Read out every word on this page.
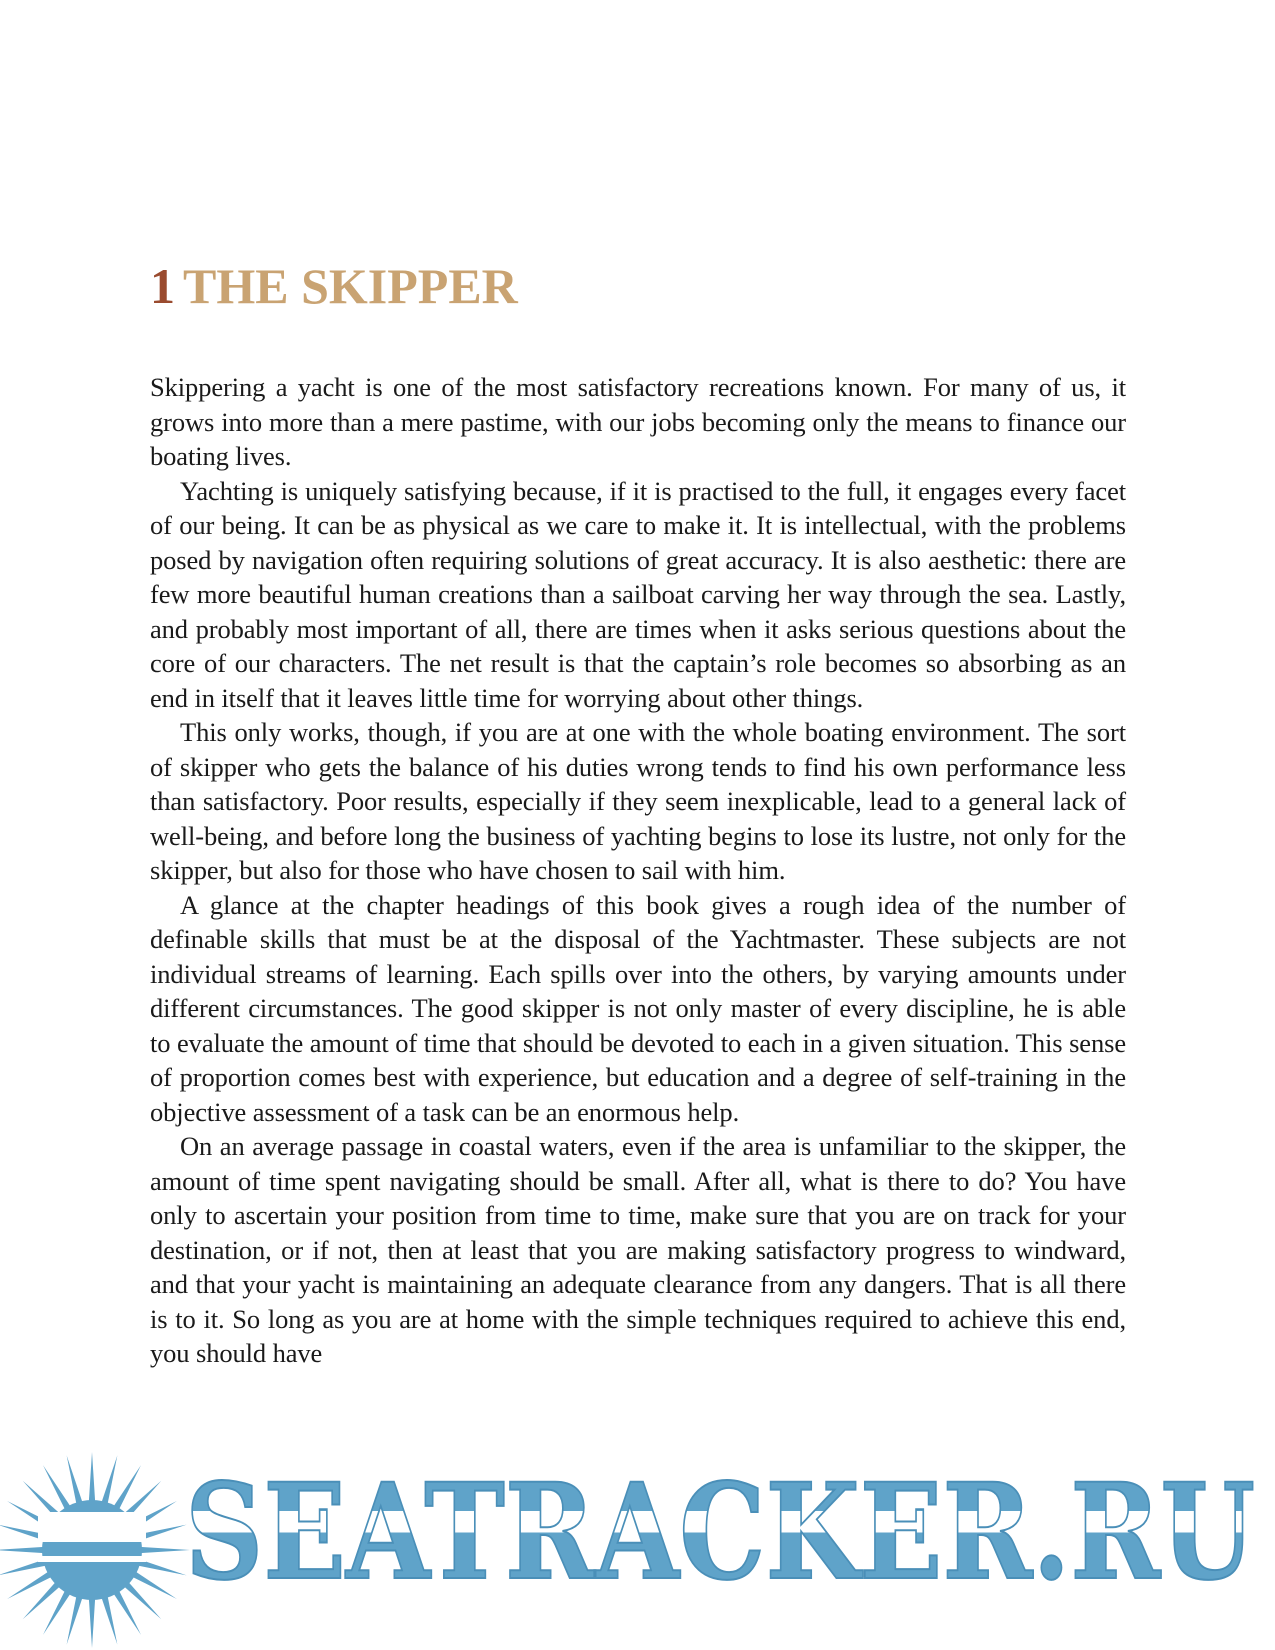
1 THE SKIPPER

Skippering a yacht is one of the most satisfactory recreations known. For many of us, it grows into more than a mere pastime, with our jobs becoming only the means to finance our boating lives.

Yachting is uniquely satisfying because, if it is practised to the full, it engages every facet of our being. It can be as physical as we care to make it. It is intellectual, with the problems posed by navigation often requiring solutions of great accuracy. It is also aesthetic: there are few more beautiful human creations than a sailboat carving her way through the sea. Lastly, and probably most important of all, there are times when it asks serious questions about the core of our characters. The net result is that the captain’s role becomes so absorbing as an end in itself that it leaves little time for worrying about other things.

This only works, though, if you are at one with the whole boating environment. The sort of skipper who gets the balance of his duties wrong tends to find his own performance less than satisfactory. Poor results, especially if they seem inexplicable, lead to a general lack of well-being, and before long the business of yachting begins to lose its lustre, not only for the skipper, but also for those who have chosen to sail with him.

A glance at the chapter headings of this book gives a rough idea of the number of definable skills that must be at the disposal of the Yachtmaster. These subjects are not individual streams of learning. Each spills over into the others, by varying amounts under different circumstances. The good skipper is not only master of every discipline, he is able to evaluate the amount of time that should be devoted to each in a given situation. This sense of proportion comes best with experience, but education and a degree of self-training in the objective assessment of a task can be an enormous help.

On an average passage in coastal waters, even if the area is unfamiliar to the skipper, the amount of time spent navigating should be small. After all, what is there to do? You have only to ascertain your position from time to time, make sure that you are on track for your destination, or if not, then at least that you are making satisfactory progress to windward, and that your yacht is maintaining an adequate clearance from any dangers. That is all there is to it. So long as you are at home with the simple techniques required to achieve this end, you should have

SEATRACKER.RU
